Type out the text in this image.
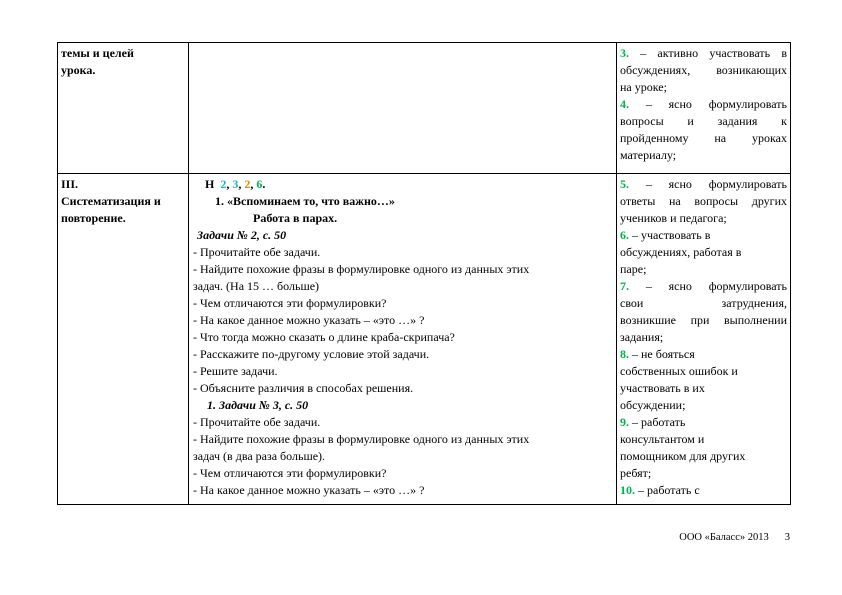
темы и целей
урока.
3. – активно участвовать в
обсуждениях, возникающих
на уроке;
4. – ясно формулировать
вопросы и задания к
пройденному на уроках
материалу;
III.
Систематизация и
повторение.
Н 2, 3, 2, 6.
1. «Вспоминаем то, что важно…»
Работа в парах.
Задачи № 2, с. 50
- Прочитайте обе задачи.
- Найдите похожие фразы в формулировке одного из данных этих
задач. (На 15 … больше)
- Чем отличаются эти формулировки?
- На какое данное можно указать – «это …» ?
- Что тогда можно сказать о длине краба-скрипача?
- Расскажите по-другому условие этой задачи.
- Решите задачи.
- Объясните различия в способах решения.
1. Задачи № 3, с. 50
- Прочитайте обе задачи.
- Найдите похожие фразы в формулировке одного из данных этих
задач (в два раза больше).
- Чем отличаются эти формулировки?
- На какое данное можно указать – «это …» ?
5. – ясно формулировать
ответы на вопросы других
учеников и педагога;
6. – участвовать в
обсуждениях, работая в
паре;
7. – ясно формулировать
свои затруднения,
возникшие при выполнении
задания;
8. – не бояться
собственных ошибок и
участвовать в их
обсуждении;
9. – работать
консультантом и
помощником для других
ребят;
10. – работать с
ООО «Баласс» 2013 3
